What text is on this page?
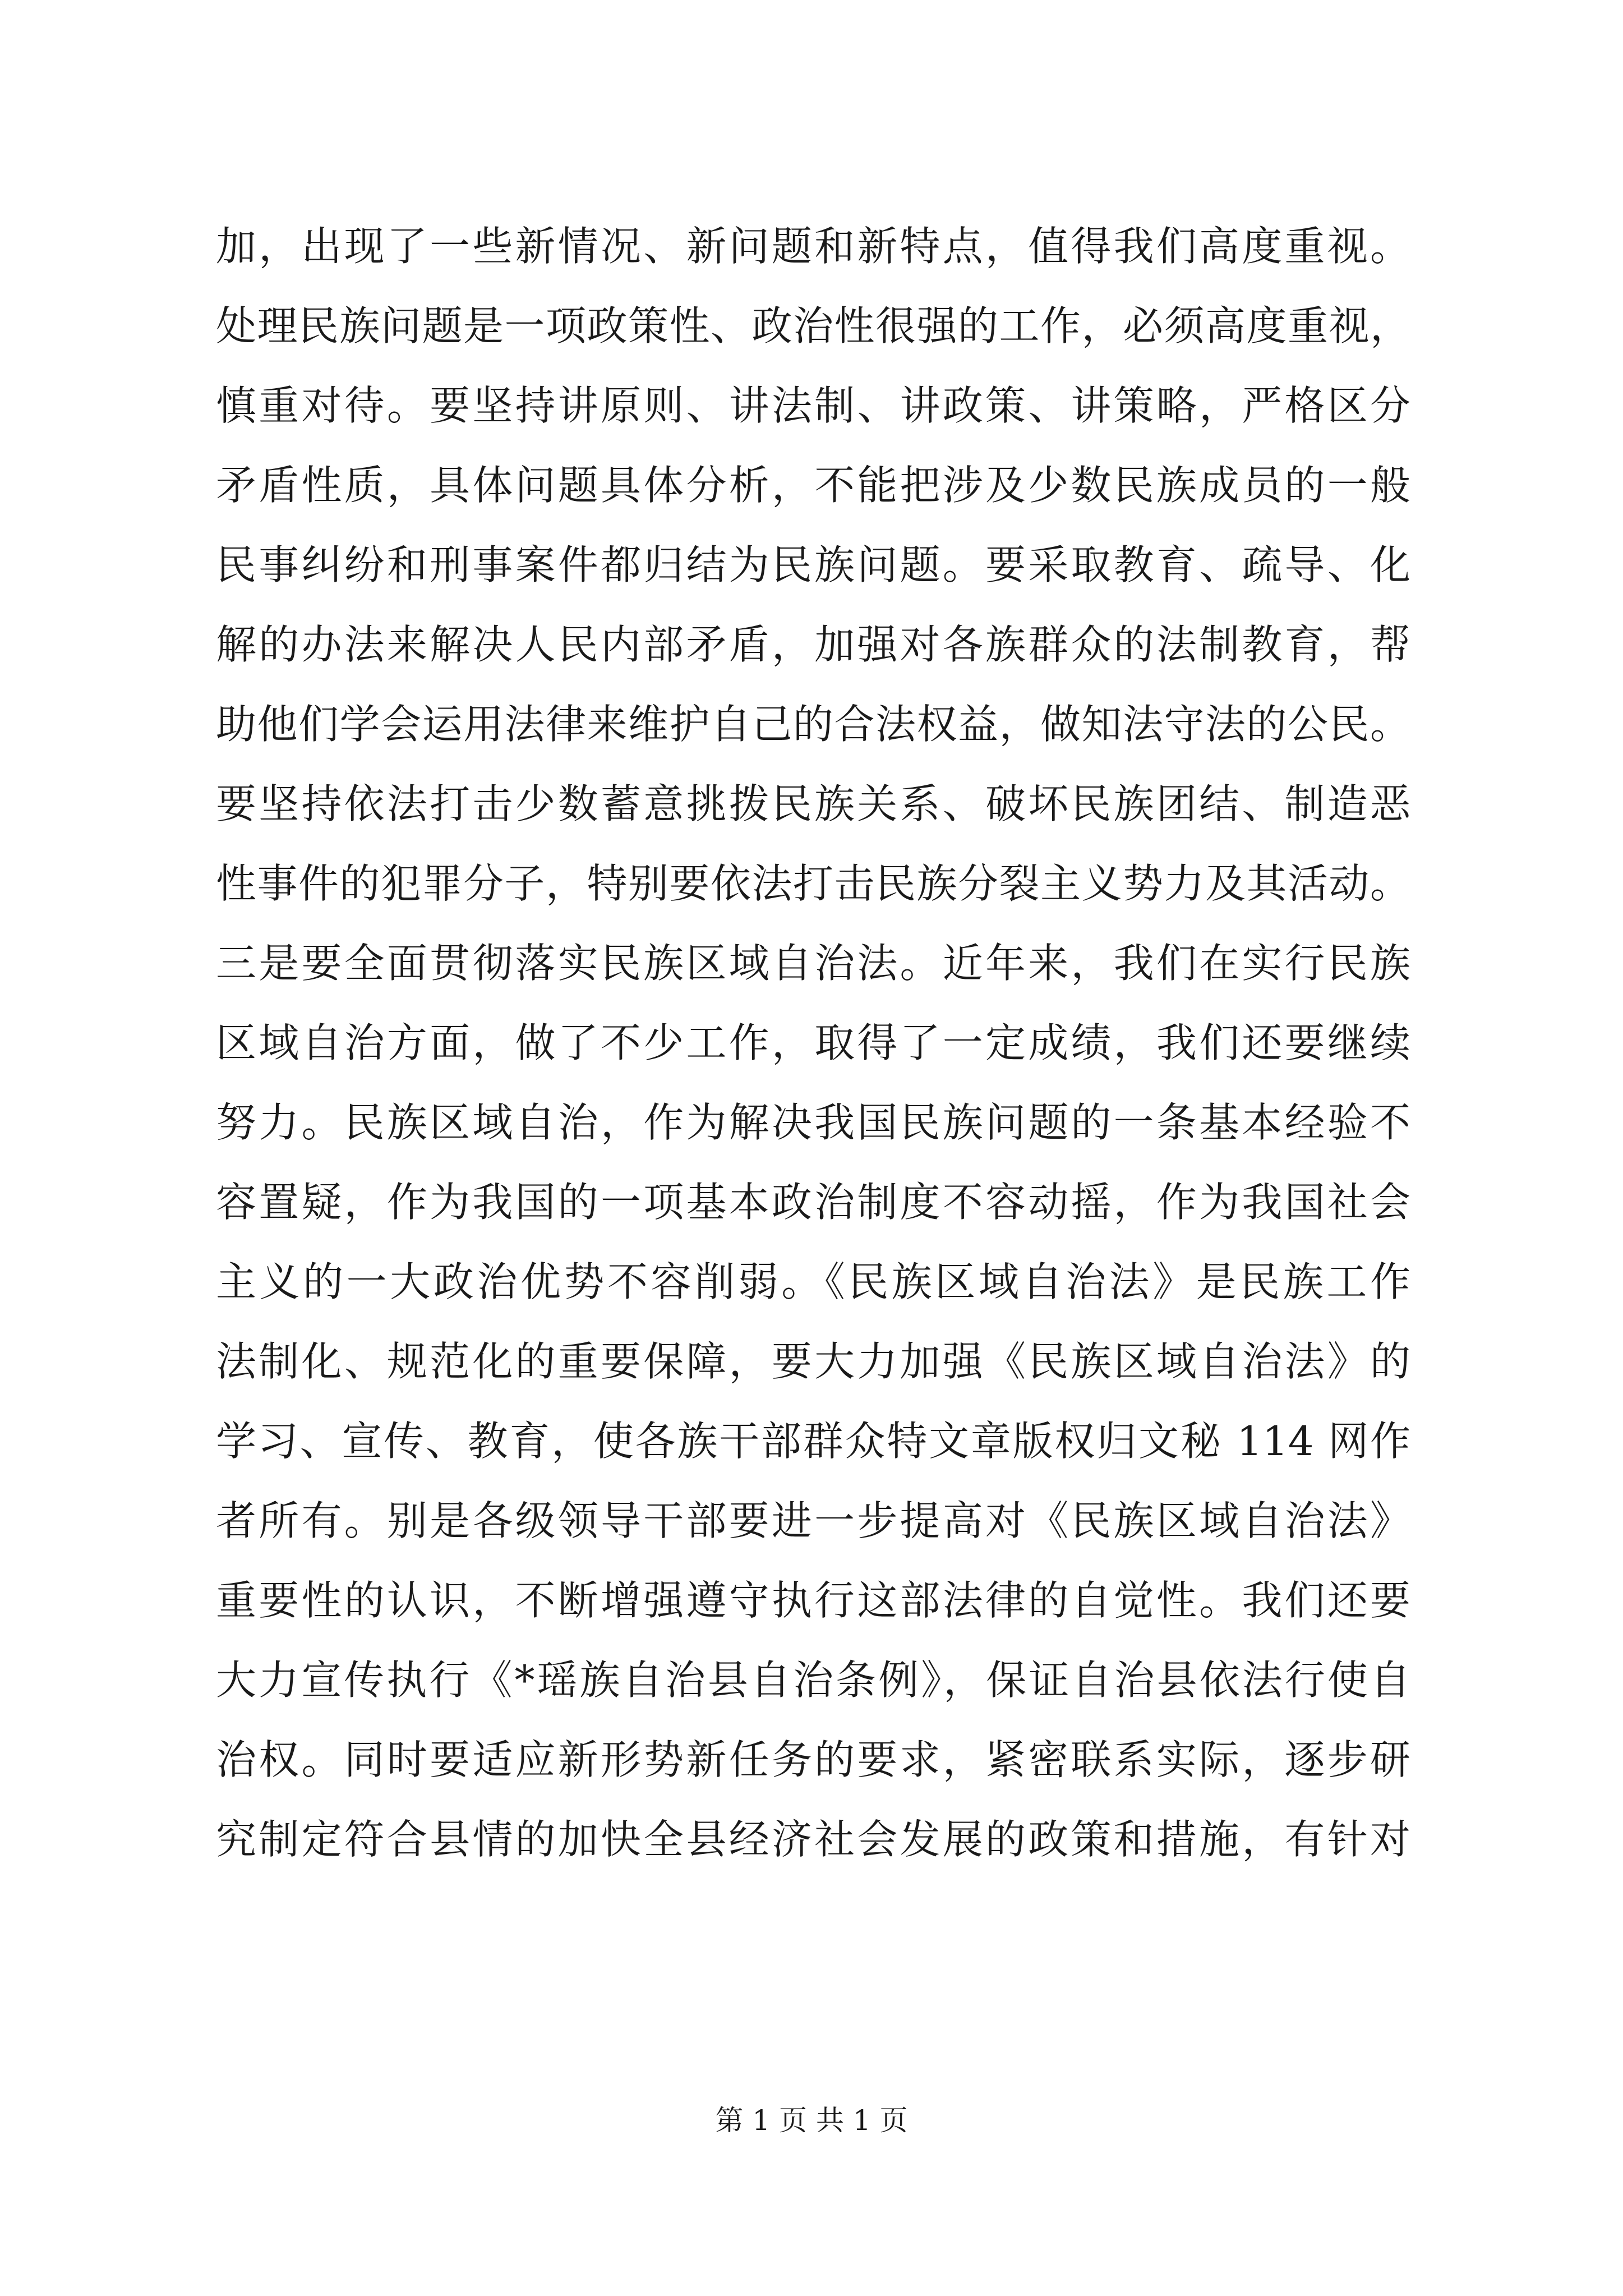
加，出现了一些新情况、新问题和新特点，值得我们高度重视。
处理民族问题是一项政策性、政治性很强的工作，必须高度重视，
慎重对待。要坚持讲原则、讲法制、讲政策、讲策略，严格区分
矛盾性质，具体问题具体分析，不能把涉及少数民族成员的一般
民事纠纷和刑事案件都归结为民族问题。要采取教育、疏导、化
解的办法来解决人民内部矛盾，加强对各族群众的法制教育，帮
助他们学会运用法律来维护自己的合法权益，做知法守法的公民。
要坚持依法打击少数蓄意挑拨民族关系、破坏民族团结、制造恶
性事件的犯罪分子，特别要依法打击民族分裂主义势力及其活动。
三是要全面贯彻落实民族区域自治法。近年来，我们在实行民族
区域自治方面，做了不少工作，取得了一定成绩，我们还要继续
努力。民族区域自治，作为解决我国民族问题的一条基本经验不
容置疑，作为我国的一项基本政治制度不容动摇，作为我国社会
主义的一大政治优势不容削弱。《民族区域自治法》是民族工作
法制化、规范化的重要保障，要大力加强《民族区域自治法》的
学习、宣传、教育，使各族干部群众特文章版权归文秘 114 网作
者所有。别是各级领导干部要进一步提高对《民族区域自治法》
重要性的认识，不断增强遵守执行这部法律的自觉性。我们还要
大力宣传执行《*瑶族自治县自治条例》，保证自治县依法行使自
治权。同时要适应新形势新任务的要求，紧密联系实际，逐步研
究制定符合县情的加快全县经济社会发展的政策和措施，有针对
第 1 页 共 1 页
